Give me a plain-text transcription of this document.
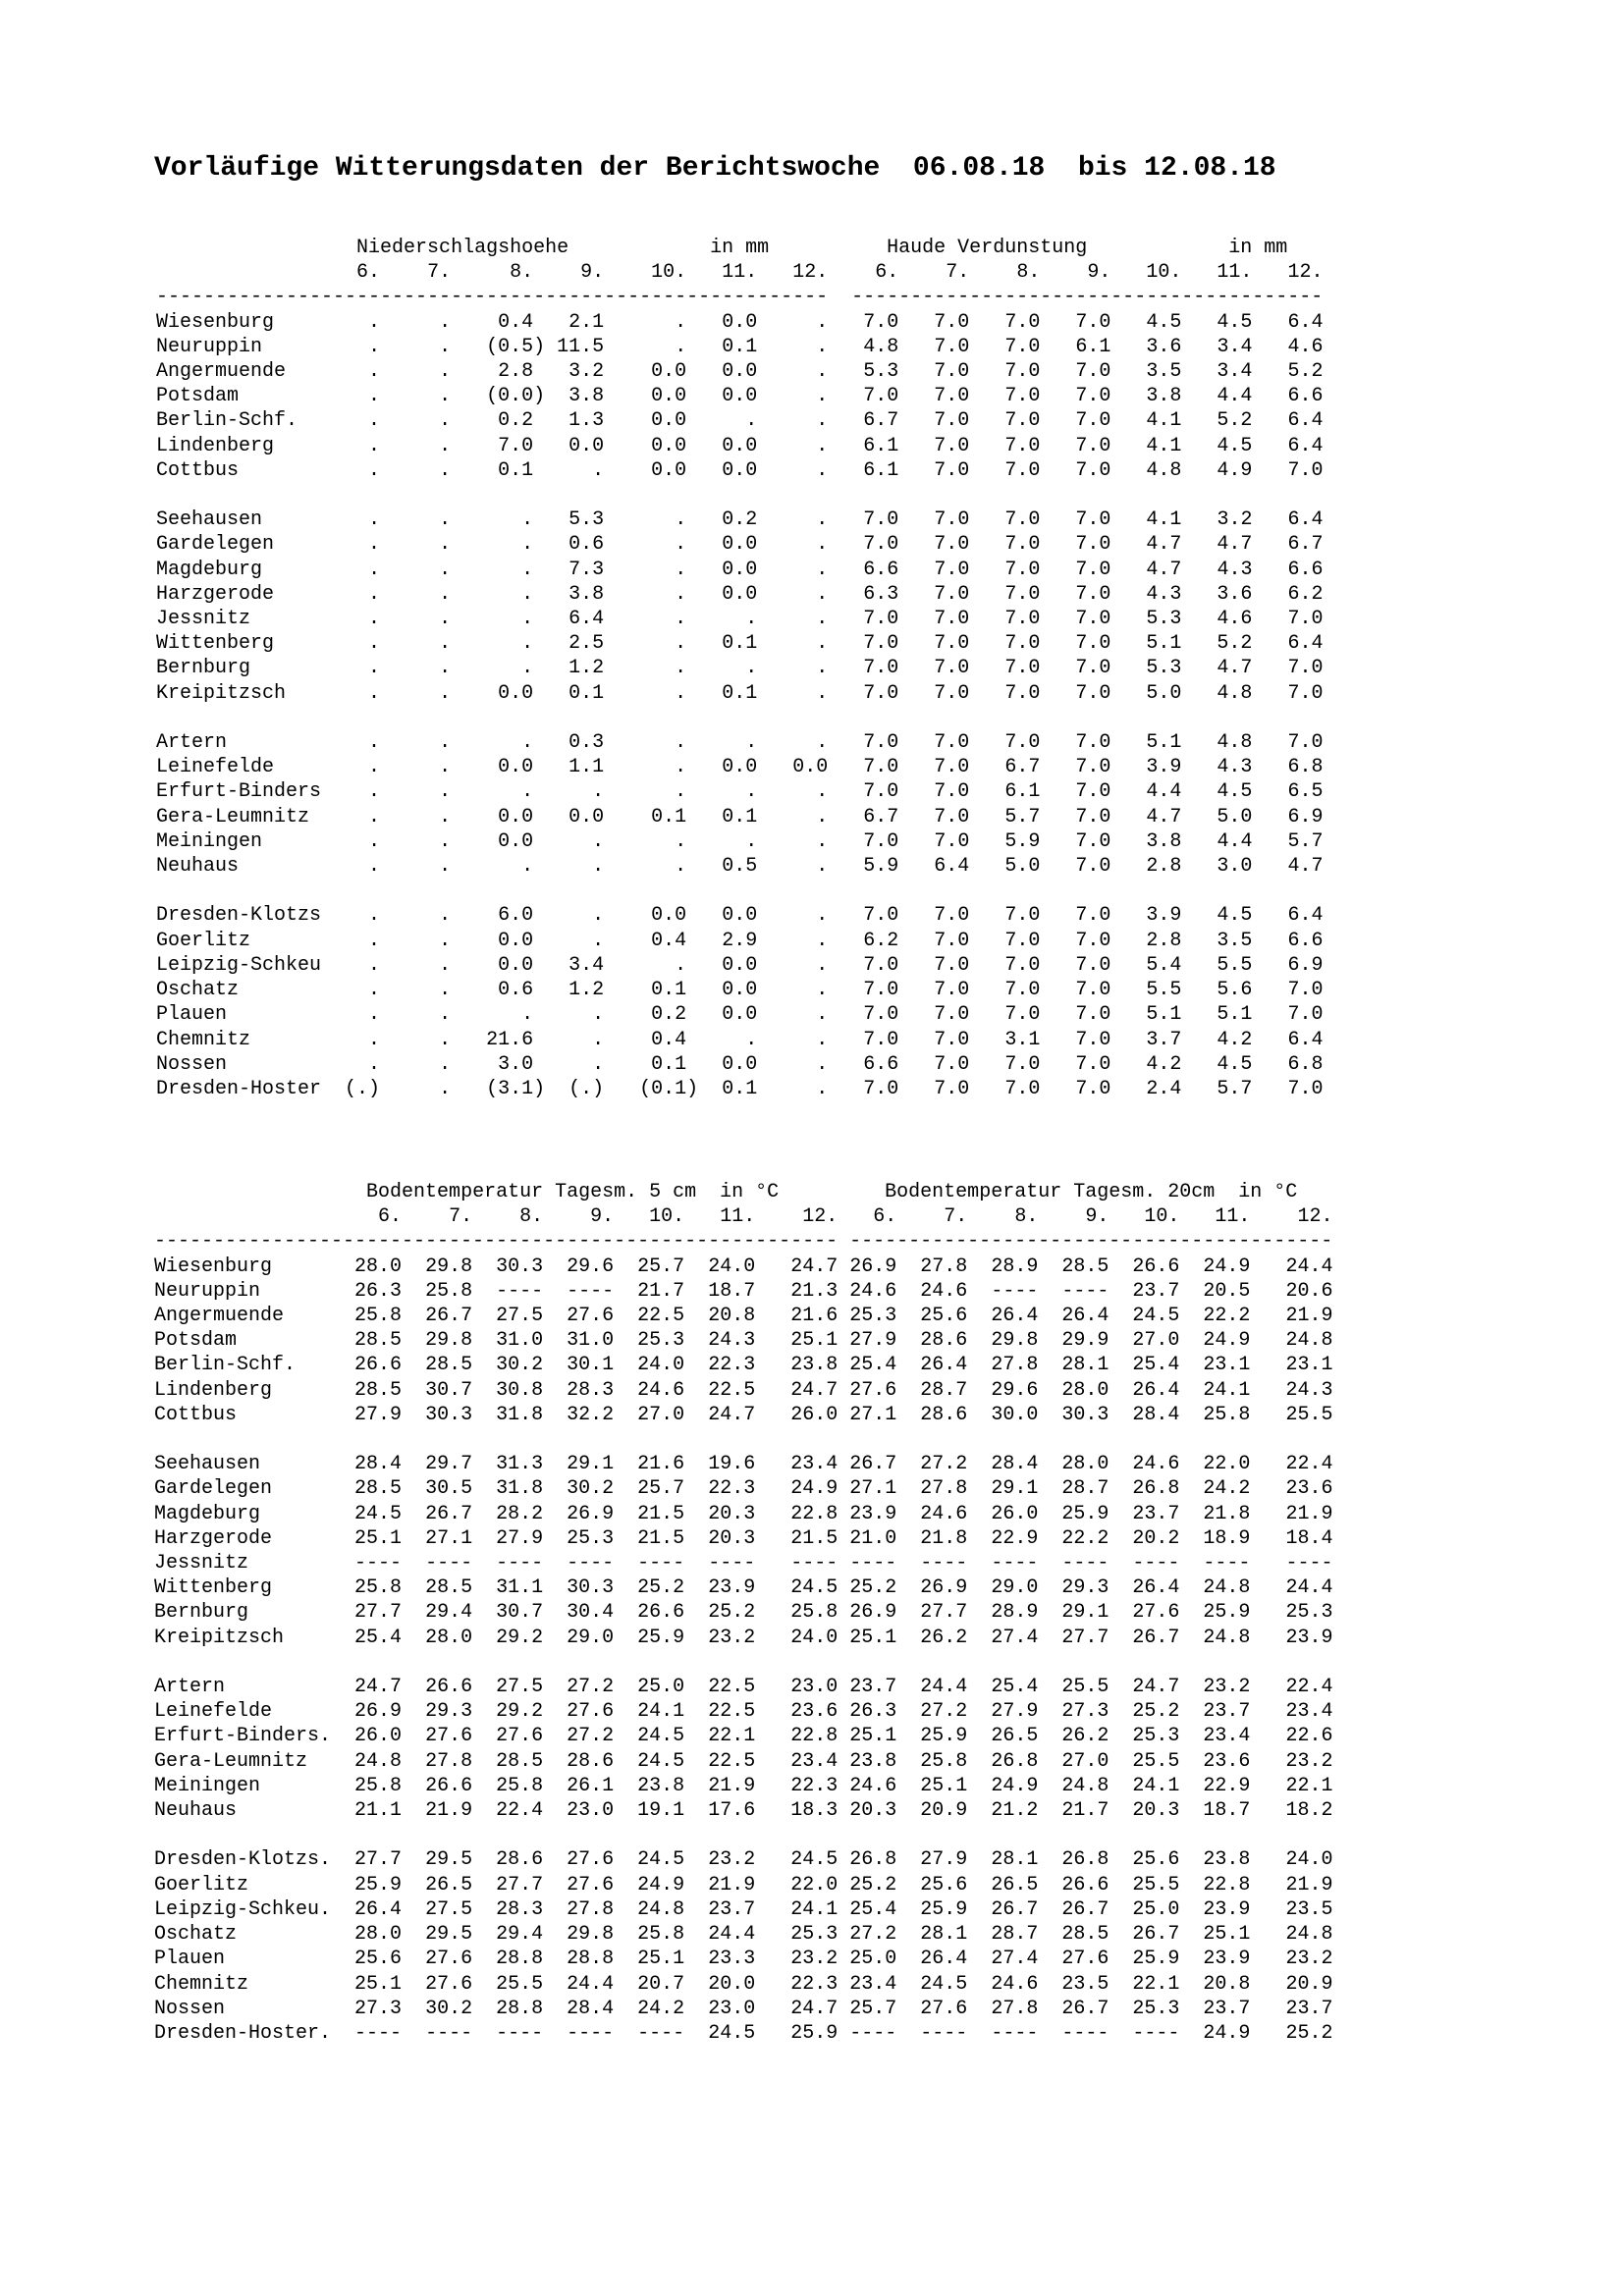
Vorläufige Witterungsdaten der Berichtswoche  06.08.18  bis 12.08.18
Niederschlagshoehe	in mm	Haude Verdunstung	in mm
6. 7.	8. 9. 10. 11. 12. 6. 7. 8. 9. 10. 11. 12.
--------------------------------------------------------- ----------------------------------------
Wiesenburg	.	. 0.4 2.1	. 0.0	. 7.0 7.0 7.0 7.0 4.5 4.5 6.4
Neuruppin	.	. (0.5) 11.5	. 0.1	. 4.8 7.0 7.0 6.1 3.6 3.4 4.6
Angermuende	.	. 2.8 3.2 0.0 0.0	. 5.3 7.0 7.0 7.0 3.5 3.4 5.2
Potsdam	.	. (0.0) 3.8 0.0 0.0	. 7.0 7.0 7.0 7.0 3.8 4.4 6.6
Berlin-Schf.	.	. 0.2 1.3 0.0	.	. 6.7 7.0 7.0 7.0 4.1 5.2 6.4
Lindenberg	.	. 7.0 0.0 0.0 0.0	. 6.1 7.0 7.0 7.0 4.1 4.5 6.4
Cottbus	.	. 0.1	. 0.0 0.0	. 6.1 7.0 7.0 7.0 4.8 4.9 7.0

Seehausen	.	.	. 5.3	. 0.2	. 7.0 7.0 7.0 7.0 4.1 3.2 6.4
Gardelegen	.	.	. 0.6	. 0.0	. 7.0 7.0 7.0 7.0 4.7 4.7 6.7
Magdeburg	.	.	. 7.3	. 0.0	. 6.6 7.0 7.0 7.0 4.7 4.3 6.6
Harzgerode	.	.	. 3.8	. 0.0	. 6.3 7.0 7.0 7.0 4.3 3.6 6.2
Jessnitz	.	.	. 6.4	.	.	. 7.0 7.0 7.0 7.0 5.3 4.6 7.0
Wittenberg	.	.	. 2.5	. 0.1	. 7.0 7.0 7.0 7.0 5.1 5.2 6.4
Bernburg	.	.	. 1.2	.	.	. 7.0 7.0 7.0 7.0 5.3 4.7 7.0
Kreipitzsch	.	. 0.0 0.1	. 0.1	. 7.0 7.0 7.0 7.0 5.0 4.8 7.0

Artern	.	.	. 0.3	.	.	. 7.0 7.0 7.0 7.0 5.1 4.8 7.0
Leinefelde	.	. 0.0 1.1	. 0.0 0.0 7.0 7.0 6.7 7.0 3.9 4.3 6.8
Erfurt-Binders .	.	.	.	.	.	. 7.0 7.0 6.1 7.0 4.4 4.5 6.5
Gera-Leumnitz	.	. 0.0 0.0 0.1 0.1	. 6.7 7.0 5.7 7.0 4.7 5.0 6.9
Meiningen	.	. 0.0	.	.	.	. 7.0 7.0 5.9 7.0 3.8 4.4 5.7
Neuhaus	.	.	.	.	. 0.5	. 5.9 6.4 5.0 7.0 2.8 3.0 4.7

Dresden-Klotzs .	. 6.0	. 0.0 0.0	. 7.0 7.0 7.0 7.0 3.9 4.5 6.4
Goerlitz	.	. 0.0	. 0.4 2.9	. 6.2 7.0 7.0 7.0 2.8 3.5 6.6
Leipzig-Schkeu .	. 0.0 3.4	. 0.0	. 7.0 7.0 7.0 7.0 5.4 5.5 6.9
Oschatz	.	. 0.6 1.2 0.1 0.0	. 7.0 7.0 7.0 7.0 5.5 5.6 7.0
Plauen	.	.	.	. 0.2 0.0	. 7.0 7.0 7.0 7.0 5.1 5.1 7.0
Chemnitz	.	. 21.6	. 0.4	.	. 7.0 7.0 3.1 7.0 3.7 4.2 6.4
Nossen	.	. 3.0	. 0.1 0.0	. 6.6 7.0 7.0 7.0 4.2 4.5 6.8
Dresden-Hoster (.)	. (3.1) (.) (0.1) 0.1	. 7.0 7.0 7.0 7.0 2.4 5.7 7.0

Bodentemperatur Tagesm. 5 cm in °C	Bodentemperatur Tagesm. 20cm in °C
6. 7. 8. 9. 10. 11. 12. 6. 7. 8. 9. 10. 11. 12.
---------------------------------------------------------- -----------------------------------------
Wiesenburg	28.0 29.8 30.3 29.6 25.7 24.0 24.7 26.9 27.8 28.9 28.5 26.6 24.9 24.4
Neuruppin	26.3 25.8 ---- ---- 21.7 18.7 21.3 24.6 24.6 ---- ---- 23.7 20.5 20.6
Angermuende	25.8 26.7 27.5 27.6 22.5 20.8 21.6 25.3 25.6 26.4 26.4 24.5 22.2 21.9
Potsdam	28.5 29.8 31.0 31.0 25.3 24.3 25.1 27.9 28.6 29.8 29.9 27.0 24.9 24.8
Berlin-Schf.	26.6 28.5 30.2 30.1 24.0 22.3 23.8 25.4 26.4 27.8 28.1 25.4 23.1 23.1
Lindenberg	28.5 30.7 30.8 28.3 24.6 22.5 24.7 27.6 28.7 29.6 28.0 26.4 24.1 24.3
Cottbus	27.9 30.3 31.8 32.2 27.0 24.7 26.0 27.1 28.6 30.0 30.3 28.4 25.8 25.5

Seehausen	28.4 29.7 31.3 29.1 21.6 19.6 23.4 26.7 27.2 28.4 28.0 24.6 22.0 22.4
Gardelegen	28.5 30.5 31.8 30.2 25.7 22.3 24.9 27.1 27.8 29.1 28.7 26.8 24.2 23.6
Magdeburg	24.5 26.7 28.2 26.9 21.5 20.3 22.8 23.9 24.6 26.0 25.9 23.7 21.8 21.9
Harzgerode	25.1 27.1 27.9 25.3 21.5 20.3 21.5 21.0 21.8 22.9 22.2 20.2 18.9 18.4
Jessnitz	---- ---- ---- ---- ---- ---- ---- ---- ---- ---- ---- ---- ---- ----
Wittenberg	25.8 28.5 31.1 30.3 25.2 23.9 24.5 25.2 26.9 29.0 29.3 26.4 24.8 24.4
Bernburg	27.7 29.4 30.7 30.4 26.6 25.2 25.8 26.9 27.7 28.9 29.1 27.6 25.9 25.3
Kreipitzsch	25.4 28.0 29.2 29.0 25.9 23.2 24.0 25.1 26.2 27.4 27.7 26.7 24.8 23.9

Artern	24.7 26.6 27.5 27.2 25.0 22.5 23.0 23.7 24.4 25.4 25.5 24.7 23.2 22.4
Leinefelde	26.9 29.3 29.2 27.6 24.1 22.5 23.6 26.3 27.2 27.9 27.3 25.2 23.7 23.4
Erfurt-Binders. 26.0 27.6 27.6 27.2 24.5 22.1 22.8 25.1 25.9 26.5 26.2 25.3 23.4 22.6
Gera-Leumnitz 24.8 27.8 28.5 28.6 24.5 22.5 23.4 23.8 25.8 26.8 27.0 25.5 23.6 23.2
Meiningen	25.8 26.6 25.8 26.1 23.8 21.9 22.3 24.6 25.1 24.9 24.8 24.1 22.9 22.1
Neuhaus	21.1 21.9 22.4 23.0 19.1 17.6 18.3 20.3 20.9 21.2 21.7 20.3 18.7 18.2

Dresden-Klotzs. 27.7 29.5 28.6 27.6 24.5 23.2 24.5 26.8 27.9 28.1 26.8 25.6 23.8 24.0
Goerlitz	25.9 26.5 27.7 27.6 24.9 21.9 22.0 25.2 25.6 26.5 26.6 25.5 22.8 21.9
Leipzig-Schkeu. 26.4 27.5 28.3 27.8 24.8 23.7 24.1 25.4 25.9 26.7 26.7 25.0 23.9 23.5
Oschatz	28.0 29.5 29.4 29.8 25.8 24.4 25.3 27.2 28.1 28.7 28.5 26.7 25.1 24.8
Plauen	25.6 27.6 28.8 28.8 25.1 23.3 23.2 25.0 26.4 27.4 27.6 25.9 23.9 23.2
Chemnitz	25.1 27.6 25.5 24.4 20.7 20.0 22.3 23.4 24.5 24.6 23.5 22.1 20.8 20.9
Nossen	27.3 30.2 28.8 28.4 24.2 23.0 24.7 25.7 27.6 27.8 26.7 25.3 23.7 23.7
Dresden-Hoster. ---- ---- ---- ---- ---- 24.5 25.9 ---- ---- ---- ---- ---- 24.9 25.2
